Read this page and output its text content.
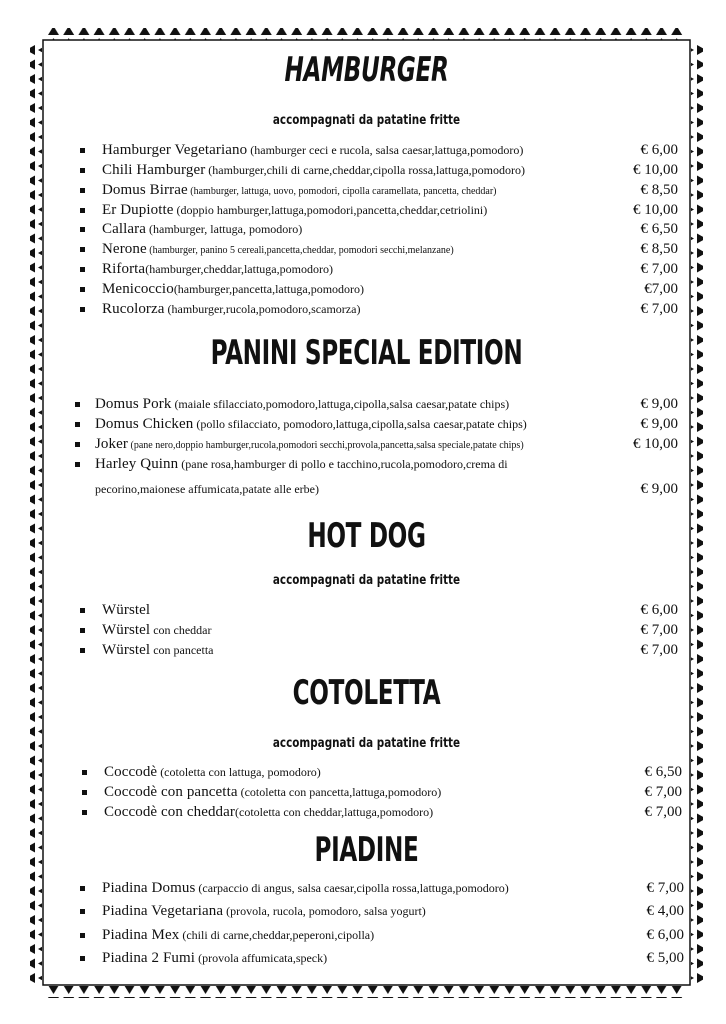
HAMBURGER
accompagnati da patatine fritte
Hamburger Vegetariano (hamburger ceci e rucola, salsa caesar,lattuga,pomodoro)	€ 6,00
Chili Hamburger (hamburger,chili di carne,cheddar,cipolla rossa,lattuga,pomodoro)	€ 10,00
Domus Birrae (hamburger, lattuga, uovo, pomodori, cipolla caramellata, pancetta, cheddar)	€ 8,50
Er Dupiotte (doppio hamburger,lattuga,pomodori,pancetta,cheddar,cetriolini)	€ 10,00
Callara (hamburger, lattuga, pomodoro)	€ 6,50
Nerone (hamburger, panino 5 cereali,pancetta,cheddar, pomodori secchi,melanzane)	€ 8,50
Riforta(hamburger,cheddar,lattuga,pomodoro)	€ 7,00
Menicoccio(hamburger,pancetta,lattuga,pomodoro)	€7,00
Rucolorza (hamburger,rucola,pomodoro,scamorza)	€ 7,00
PANINI SPECIAL EDITION
Domus Pork (maiale sfilacciato,pomodoro,lattuga,cipolla,salsa caesar,patate chips)	€ 9,00
Domus Chicken (pollo sfilacciato, pomodoro,lattuga,cipolla,salsa caesar,patate chips)	€ 9,00
Joker (pane nero,doppio hamburger,rucola,pomodori secchi,provola,pancetta,salsa speciale,patate chips)	€ 10,00
Harley Quinn (pane rosa,hamburger di pollo e tacchino,rucola,pomodoro,crema di
pecorino,maionese affumicata,patate alle erbe)	€ 9,00
HOT DOG
accompagnati da patatine fritte
Würstel	€ 6,00
Würstel con cheddar	€ 7,00
Würstel con pancetta	€ 7,00
COTOLETTA
accompagnati da patatine fritte
Coccodè (cotoletta con lattuga, pomodoro)	€ 6,50
Coccodè con pancetta (cotoletta con pancetta,lattuga,pomodoro)	€ 7,00
Coccodè con cheddar(cotoletta con cheddar,lattuga,pomodoro)	€ 7,00
PIADINE
Piadina Domus (carpaccio di angus, salsa caesar,cipolla rossa,lattuga,pomodoro)	€ 7,00
Piadina Vegetariana (provola, rucola, pomodoro, salsa yogurt)	€ 4,00
Piadina Mex (chili di carne,cheddar,peperoni,cipolla)	€ 6,00
Piadina 2 Fumi (provola affumicata,speck)	€ 5,00
